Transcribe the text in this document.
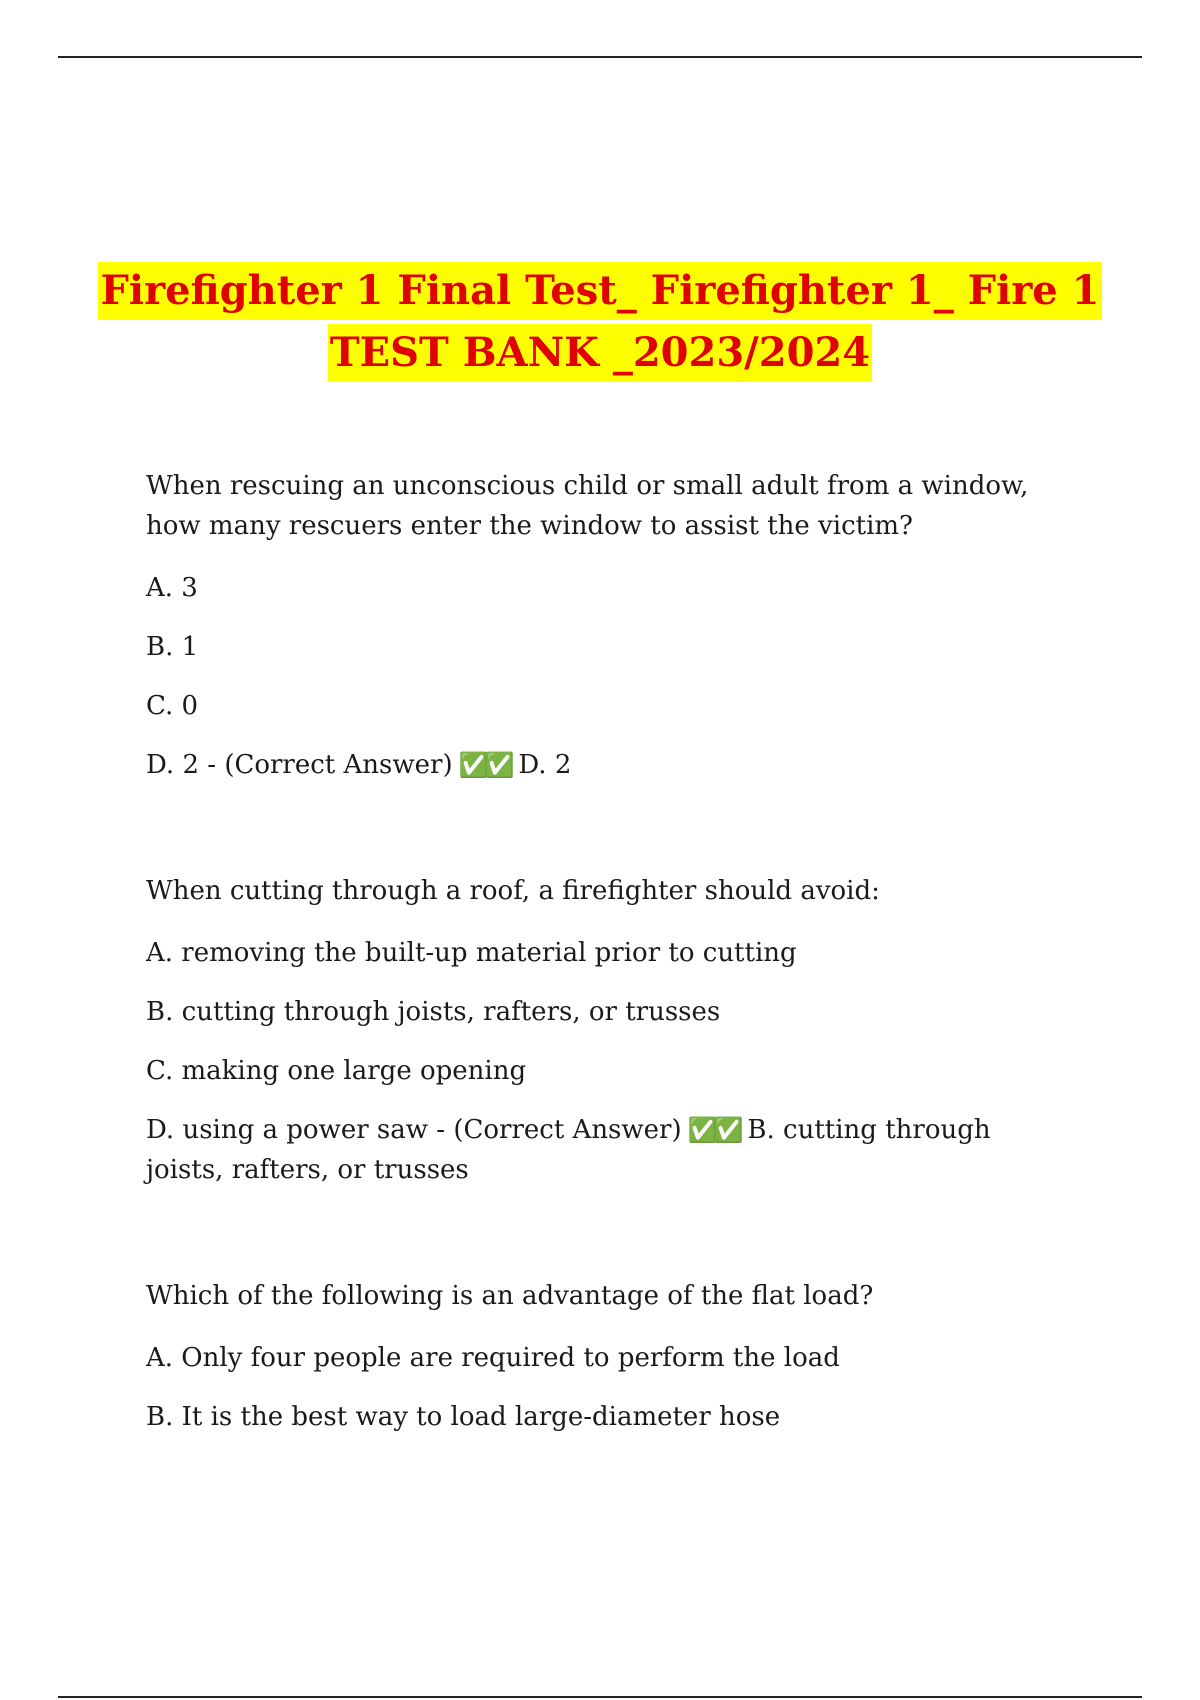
Firefighter 1 Final Test_ Firefighter 1_ Fire 1
TEST BANK _2023/2024

When rescuing an unconscious child or small adult from a window, how many rescuers enter the window to assist the victim?

A. 3

B. 1

C. 0

D. 2 - (Correct Answer) ✅✅ D. 2

When cutting through a roof, a firefighter should avoid:

A. removing the built-up material prior to cutting

B. cutting through joists, rafters, or trusses

C. making one large opening

D. using a power saw - (Correct Answer) ✅✅ B. cutting through joists, rafters, or trusses

Which of the following is an advantage of the flat load?

A. Only four people are required to perform the load

B. It is the best way to load large-diameter hose
